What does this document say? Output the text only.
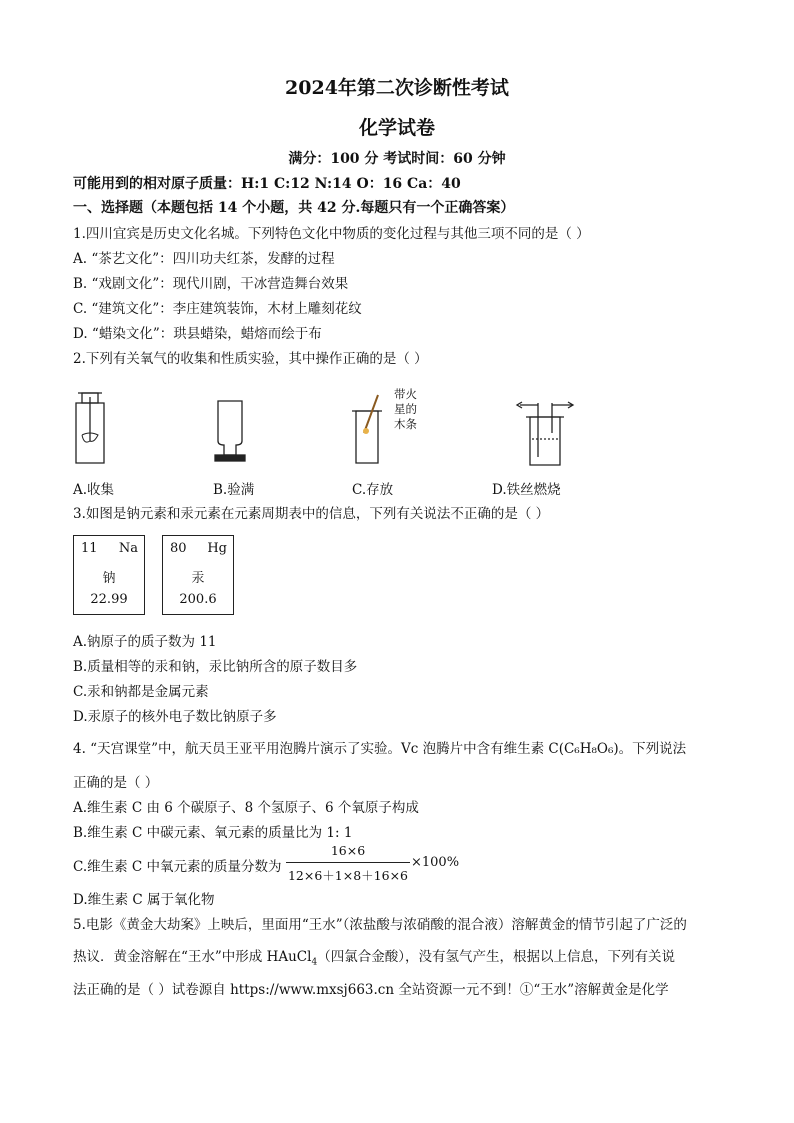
2024年第二次诊断性考试
化学试卷
满分：100 分 考试时间：60 分钟
可能用到的相对原子质量：H:1 C:12 N:14 O：16 Ca：40
一、选择题（本题包括 14 个小题，共 42 分.每题只有一个正确答案）
1.四川宜宾是历史文化名城。下列特色文化中物质的变化过程与其他三项不同的是（ ）
A. “茶艺文化”：四川功夫红茶，发酵的过程
B. “戏剧文化”：现代川剧，干冰营造舞台效果
C. “建筑文化”：李庄建筑装饰，木材上雕刻花纹
D. “蜡染文化”：珙县蜡染，蜡熔而绘于布
2.下列有关氧气的收集和性质实验，其中操作正确的是（ ）
带火
星的
木条
A.收集	B.验满	C.存放	D.铁丝燃烧
3.如图是钠元素和汞元素在元素周期表中的信息，下列有关说法不正确的是（ ）
11 Na
钠
22.99
80 Hg
汞
200.6
A.钠原子的质子数为 11
B.质量相等的汞和钠，汞比钠所含的原子数目多
C.汞和钠都是金属元素
D.汞原子的核外电子数比钠原子多
4. “天宫课堂”中，航天员王亚平用泡腾片演示了实验。Vc 泡腾片中含有维生素 C(C₆H₈O₆)。下列说法
正确的是（ ）
A.维生素 C 由 6 个碳原子、8 个氢原子、6 个氧原子构成
B.维生素 C 中碳元素、氧元素的质量比为 1: 1
C.维生素 C 中氧元素的质量分数为
16×6
12×6＋1×8＋16×6
×100%
D.维生素 C 属于氧化物
5.电影《黄金大劫案》上映后，里面用“王水”（浓盐酸与浓硝酸的混合液）溶解黄金的情节引起了广泛的
热议．黄金溶解在“王水”中形成 HAuCl$_4$（四氯合金酸），没有氢气产生，根据以上信息，下列有关说
法正确的是（ ）试卷源自 https://www.mxsj663.cn 全站资源一元不到！①“王水”溶解黄金是化学
